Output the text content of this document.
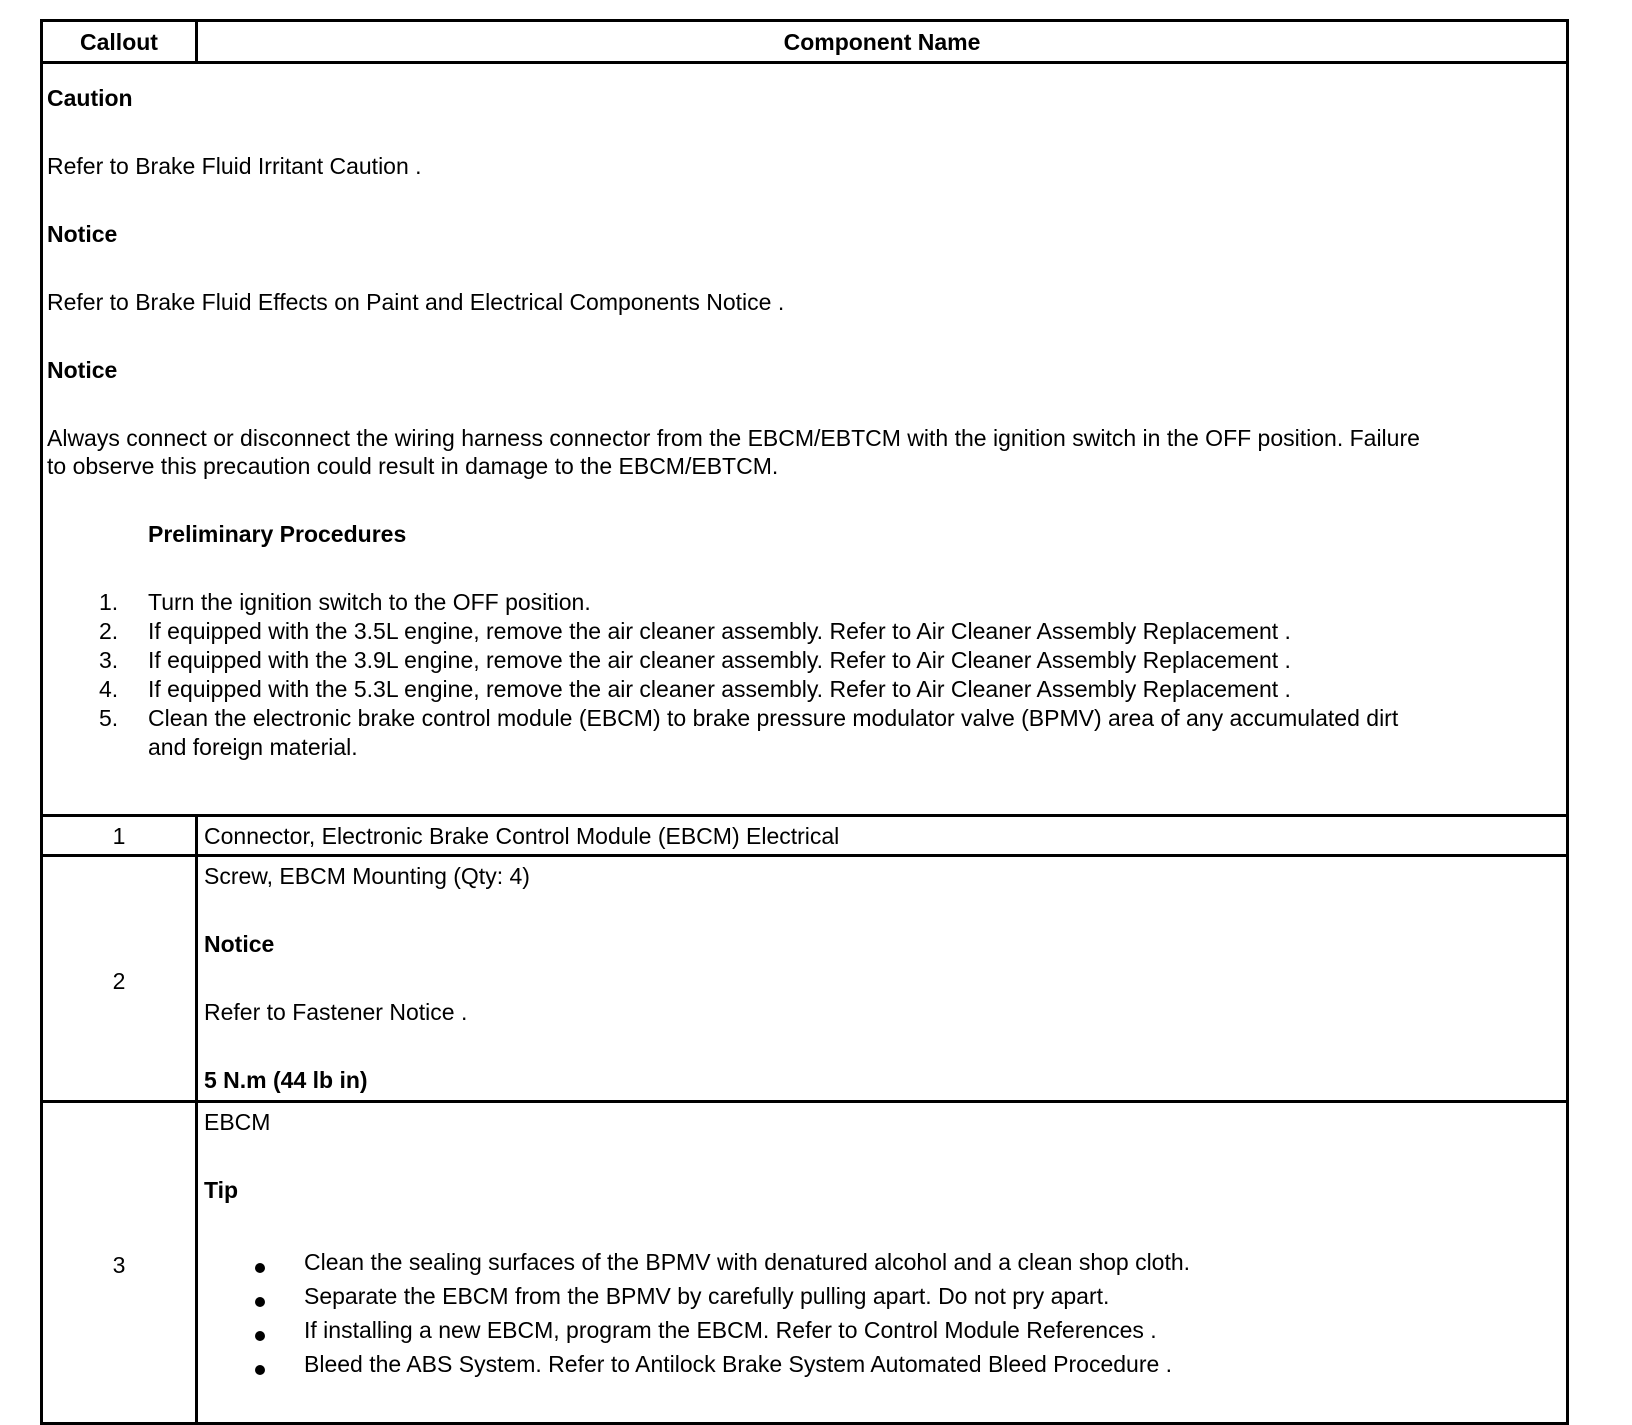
Callout	Component Name
Caution
Refer to Brake Fluid Irritant Caution .
Notice
Refer to Brake Fluid Effects on Paint and Electrical Components Notice .
Notice
Always connect or disconnect the wiring harness connector from the EBCM/EBTCM with the ignition switch in the OFF position. Failure
to observe this precaution could result in damage to the EBCM/EBTCM.
Preliminary Procedures
1. Turn the ignition switch to the OFF position.
2. If equipped with the 3.5L engine, remove the air cleaner assembly. Refer to Air Cleaner Assembly Replacement .
3. If equipped with the 3.9L engine, remove the air cleaner assembly. Refer to Air Cleaner Assembly Replacement .
4. If equipped with the 5.3L engine, remove the air cleaner assembly. Refer to Air Cleaner Assembly Replacement .
5. Clean the electronic brake control module (EBCM) to brake pressure modulator valve (BPMV) area of any accumulated dirt
and foreign material.
1	Connector, Electronic Brake Control Module (EBCM) Electrical
2
Screw, EBCM Mounting (Qty: 4)
Notice
Refer to Fastener Notice .
5 N.m (44 lb in)
3
EBCM
Tip
Clean the sealing surfaces of the BPMV with denatured alcohol and a clean shop cloth.
Separate the EBCM from the BPMV by carefully pulling apart. Do not pry apart.
If installing a new EBCM, program the EBCM. Refer to Control Module References .
Bleed the ABS System. Refer to Antilock Brake System Automated Bleed Procedure .
